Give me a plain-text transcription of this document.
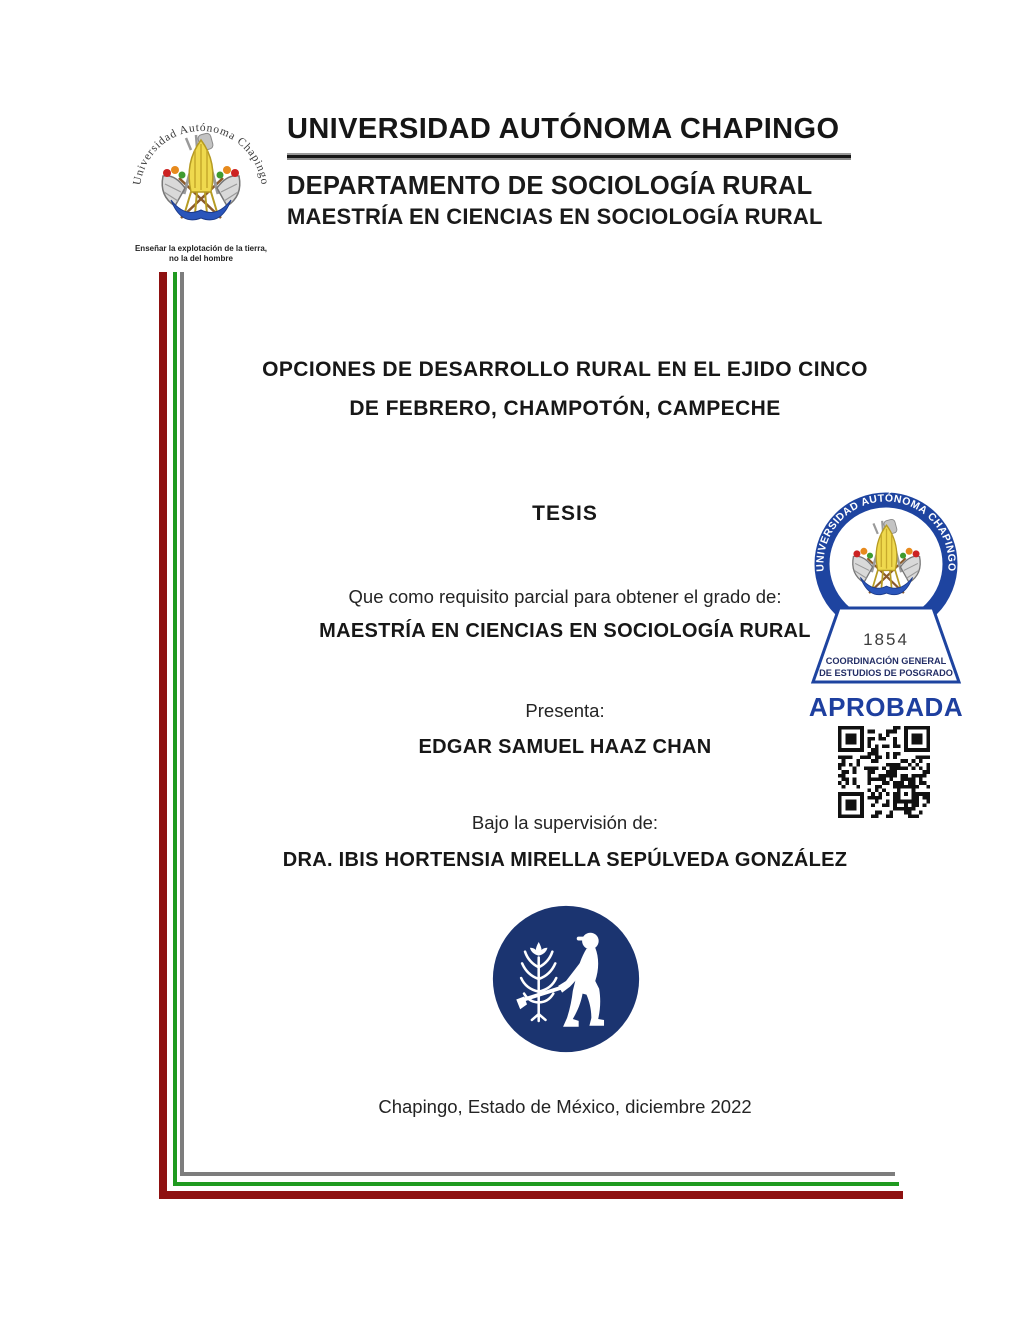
Universidad Autónoma Chapingo
Enseñar la explotación de la tierra,
no la del hombre
UNIVERSIDAD AUTÓNOMA CHAPINGO
DEPARTAMENTO DE SOCIOLOGÍA RURAL
MAESTRÍA EN CIENCIAS EN SOCIOLOGÍA RURAL
OPCIONES DE DESARROLLO RURAL EN EL EJIDO CINCO
DE FEBRERO, CHAMPOTÓN, CAMPECHE
TESIS
Que como requisito parcial para obtener el grado de:
MAESTRÍA EN CIENCIAS EN SOCIOLOGÍA RURAL
Presenta:
EDGAR SAMUEL HAAZ CHAN
Bajo la supervisión de:
DRA. IBIS HORTENSIA MIRELLA SEPÚLVEDA GONZÁLEZ
Chapingo, Estado de México, diciembre 2022
UNIVERSIDAD AUTÓNOMA CHAPINGO
1854
COORDINACIÓN GENERAL
DE ESTUDIOS DE POSGRADO
APROBADA
